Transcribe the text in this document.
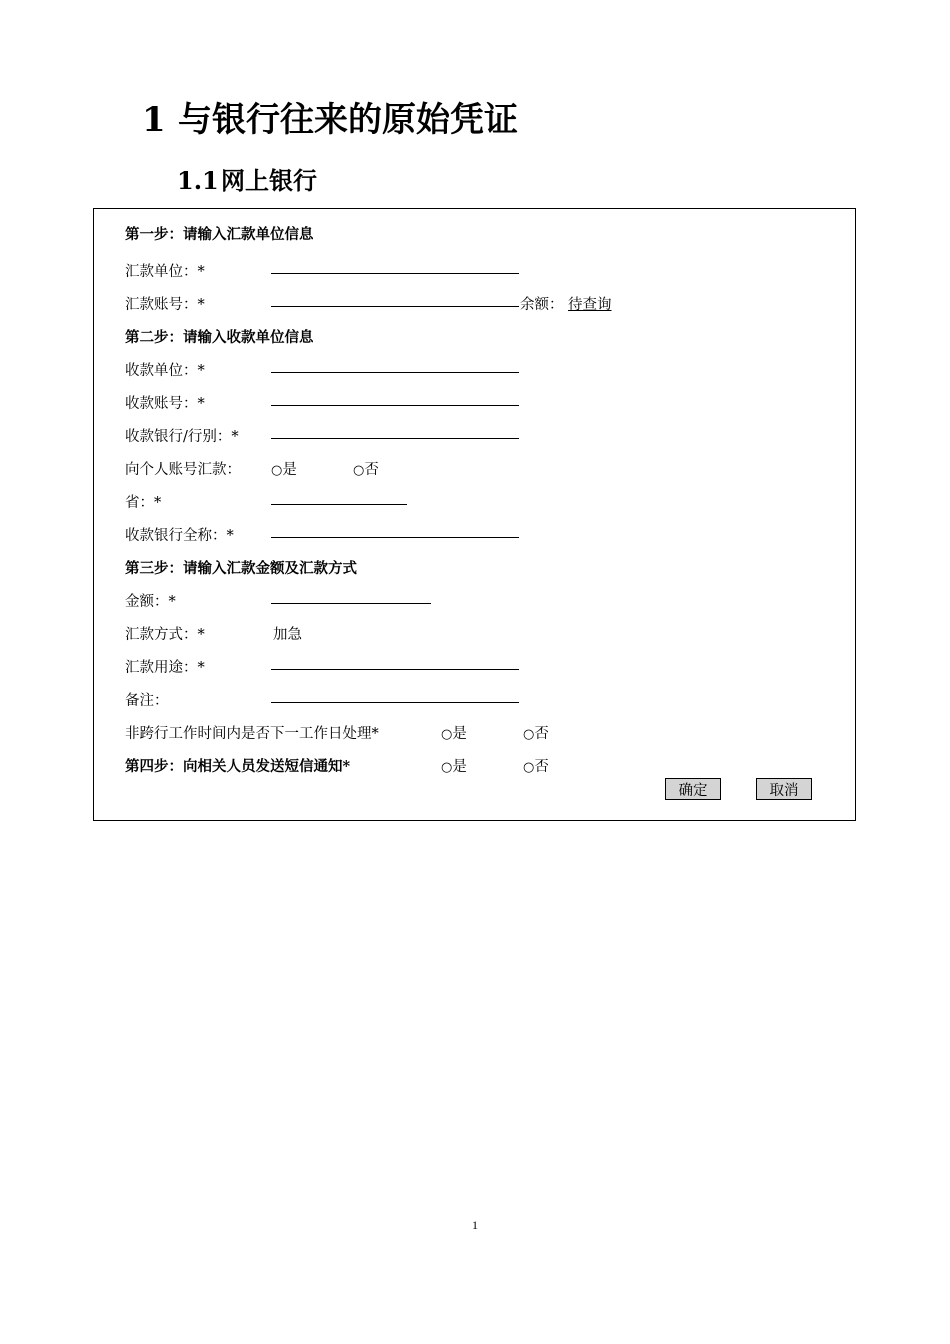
1 与银行往来的原始凭证
1.1网上银行
第一步：请输入汇款单位信息
汇款单位：*
汇款账号：*	余额： 待查询
第二步：请输入收款单位信息
收款单位：*
收款账号：*
收款银行/行别：*
向个人账号汇款： ○是	○否
省：*
收款银行全称：*
第三步：请输入汇款金额及汇款方式
金额：*
汇款方式：*	加急
汇款用途：*
备注：
非跨行工作时间内是否下一工作日处理*	○是	○否
第四步：向相关人员发送短信通知*	○是	○否
确定	取消
1
